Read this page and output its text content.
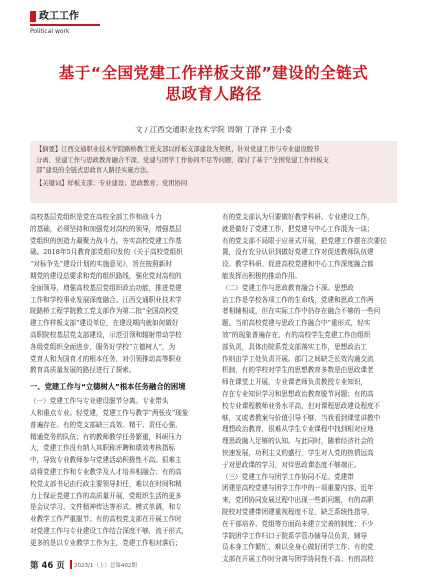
政工工作
Political work
基于“全国党建工作样板支部”建设的全链式
思政育人路径
文 / 江西交通职业技术学院 周娟 丁泽祥 王小委
【摘要】江西交通职业技术学院路桥教工党支部以样板支部建设为契机，针对党建工作与专业建设脱节
分离、党建工作与思政教育融合不深、党建与团学工作协同不足等问题，探讨了基于“全国党建工作样板支
部”建设的全链式思政育人路径实施方法。
【关键词】样板支部；专业建设；思政教育；党团协同
高校基层党组织是党在高校全部工作和战斗力
的基础，必须坚持和加强党对高校的领导，增强基层
党组织的创造力凝聚力战斗力。夯实高校党建工作基
础。2018年5月教育部党组印发的《关于高校党组织
“对标争先”建设计划的实施意见》，旨在按照新时
期党的建设总要求和党的组织路线，强化党对高校的
全面领导，增强高校基层党组织政治功能，推进党建
工作和学校事业发展深度融合。江西交通职业技术学
院路桥工程学院教工党支部作为第二批“全国高校党
建工作样板支部”建设单位，在建设期内就如何做好
高职院校基层党支部建设，示范引领和辐射带动学校
各级党组织全面进步，服务好学校“立德树人”，为
党育人和为国育才的根本任务，对引领推动高等职业
教育高质量发展的路径进行了探索。
一、党建工作与“立德树人”根本任务融合的困境
（一）党建工作与专业建设脱节分离。专业带头
人和重点专业。轻党建，党建工作与教学“两张皮”现象
普遍存在。有的党支部缺三高效、精干、责任心强、
精通党务的队伍；有的教师教学任务繁重，科研压力
大，党建工作没有纳入其职称评聘和绩效考核指标
中，导致专业教师参与党建活动积极性不高。很难主
动将党建工作和专业教学及人才培养相融合；有的高
校党支部书记由行政主要领导担任，难以在时间和精
力上保证党建工作的高质量开展，党组织生活的更多
是会议学习、文件精神传达等形式、模式单调，和专
业教学工作严重脱节；有的高校党支部在开展工作时
对党建工作与专业建设工作结合深度不够，流于形式，
更多的是以专业教学工作为主，党建工作相对落后；
有的党支部认为只要做好教学科研、专业建设工作，
就是做好了党建工作，把党建与中心工作混为一谈；
有的党支部不局限于应景式开展，把党建工作摆在次要位
置，没有充分认识到做好党建工作对促进教师队伍建
设、教学科研、促进高校党建和中心工作深度融合都
能发挥出积极的推动作用。
（二）党建工作与思政教育融合不深。思想政
治工作是学校各项工作的生命线，党建和思政工作两
者相辅相成，但在实际工作中仍存在融合不够的一些问
题。当前高校党建与思政工作融合中“重形式，轻实
效”的现象普遍存在，有的高校学生党建工作由组织
部负责，具体由院系党支部落实工作，思想政治工
作则由学工处负责开展。部门之间缺乏长效沟通交流
机制，有的学校对学生的思想教育多数是由思政课老
师在课堂上开展，专业课老师负责教授专业知识，
存在专业知识学习和思想政治教育脱节问题；有的高
校专业课程教师业务水平高，但对课程思政建设程度不
够，又或者教案与价值引导不够，当我看到课堂讲教中
理想政治教育，很难从学生专业课程中找到相对应地
理思政融入足够的认知。与此同时，随着经济社会的
快速发展，功利主义的盛行，学生对人党的热情远高
于对思政课的学习，对待思政课态度不够端正。
（三）党建工作与团学工作协同不足。党建带
团建是高校党建与团学工作中的一项重要内容。近年
来，党团协同发展过程中出现一些新问题，有的高职
院校对党建带团建重视程度不足，缺乏系统性指导，
在干部培养、党组等方面尚未建立完善的制度；不少
学院团学工作归口于院系学管办辅导员负责，辅导
员本身工作繁忙，难以全身心做好团学工作；有的党
支部在开展工作时分离与团学协同性不高；有的高校
第 46 页 2023/1（上）总第402期
